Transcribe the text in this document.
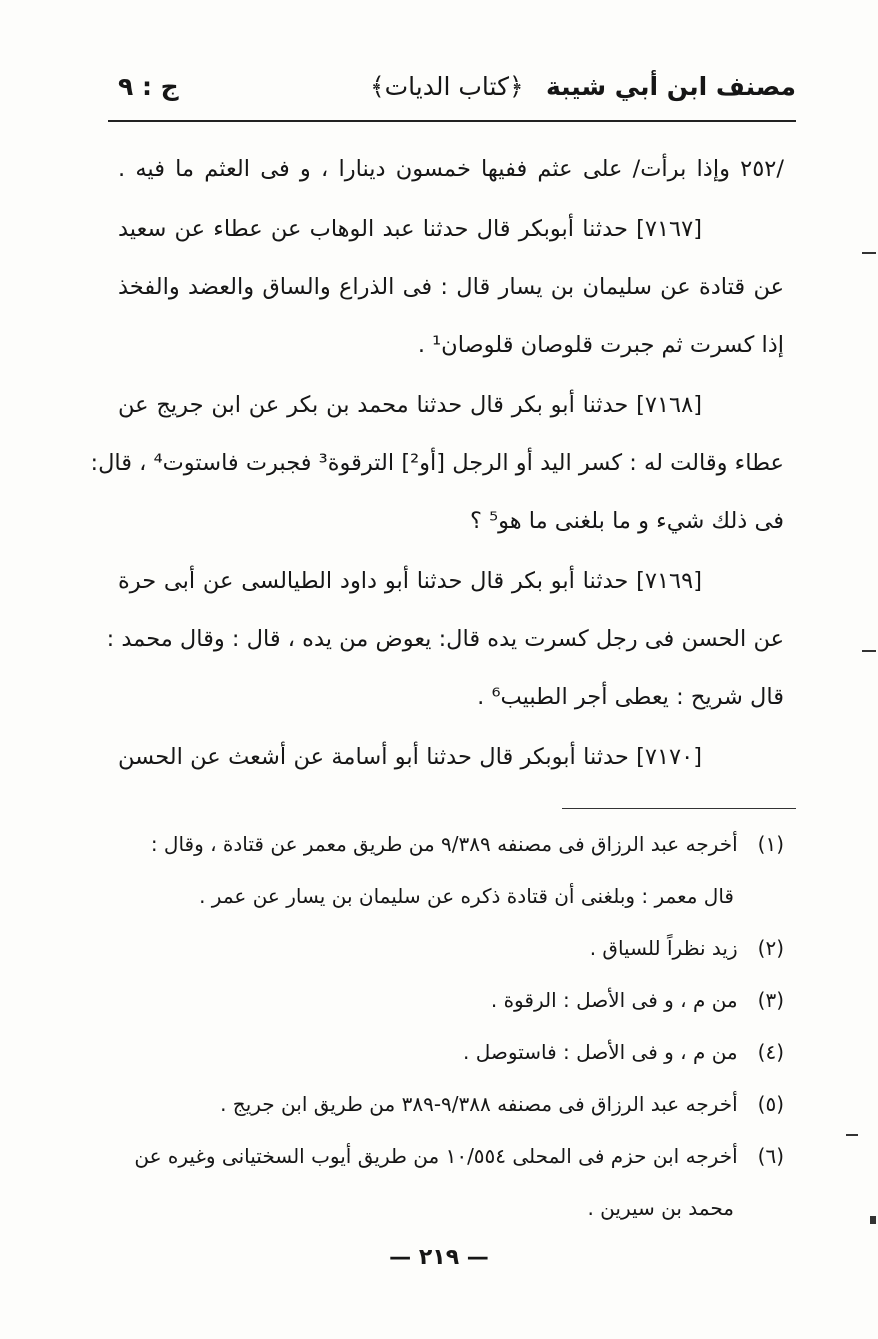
مصنف ابن أبي شيبة
﴿كتاب الديات﴾
ج : ٩
/٢٥٢ وإذا برأت/ على عثم ففيها خمسون دينارا ، و فى العثم ما فيه .
[٧١٦٧] حدثنا أبوبكر قال حدثنا عبد الوهاب عن عطاء عن سعيد
عن قتادة عن سليمان بن يسار قال : فى الذراع والساق والعضد والفخذ
إذا كسرت ثم جبرت قلوصان قلوصان¹ .
[٧١٦٨] حدثنا أبو بكر قال حدثنا محمد بن بكر عن ابن جريج عن
عطاء وقالت له : كسر اليد أو الرجل [أو²] الترقوة³ فجبرت فاستوت⁴ ، قال:
فى ذلك شيء و ما بلغنى ما هو⁵ ؟
[٧١٦٩] حدثنا أبو بكر قال حدثنا أبو داود الطيالسى عن أبى حرة
عن الحسن فى رجل كسرت يده قال: يعوض من يده ، قال : وقال محمد :
قال شريح : يعطى أجر الطبيب⁶ .
[٧١٧٠] حدثنا أبوبكر قال حدثنا أبو أسامة عن أشعث عن الحسن
(١) أخرجه عبد الرزاق فى مصنفه ٩/٣٨٩ من طريق معمر عن قتادة ، وقال :
قال معمر : وبلغنى أن قتادة ذكره عن سليمان بن يسار عن عمر .
(٢) زيد نظراً للسياق .
(٣) من م ، و فى الأصل : الرقوة .
(٤) من م ، و فى الأصل : فاستوصل .
(٥) أخرجه عبد الرزاق فى مصنفه ٩/٣٨٨-٣٨٩ من طريق ابن جريج .
(٦) أخرجه ابن حزم فى المحلى ١٠/٥٥٤ من طريق أيوب السختيانى وغيره عن
محمد بن سيرين .
— ٢١٩ —
